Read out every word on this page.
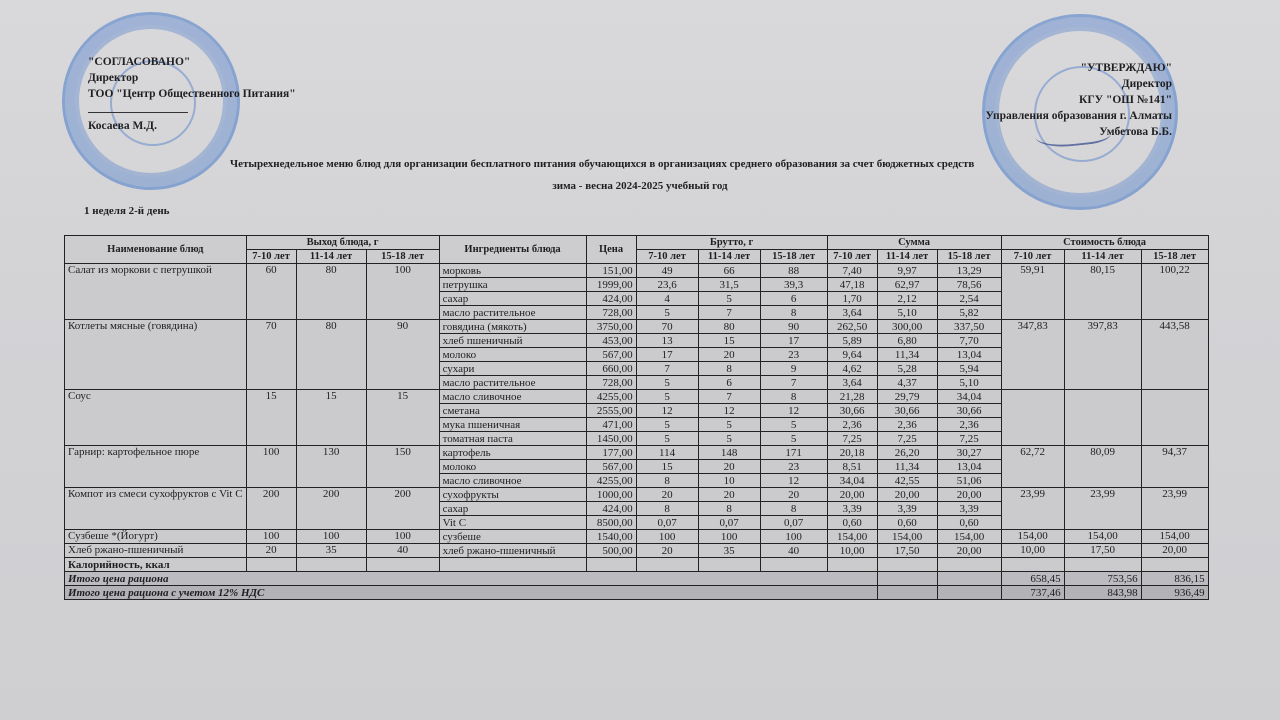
"СОГЛАСОВАНО"
Директор
ТОО "Центр Общественного Питания"
Косаева М.Д.
"УТВЕРЖДАЮ"
Директор
КГУ "ОШ №141"
Управления образования г. Алматы
Умбетова Б.Б.
Четырехнедельное меню блюд для организации бесплатного питания обучающихся в организациях среднего образования за счет бюджетных средств
зима - весна 2024-2025 учебный год
1 неделя 2-й день
Наименование блюд	Выход блюда, г			Ингредиенты блюда	Цена	Брутто, г			Сумма			Стоимость блюда		
	7-10 лет	11-14 лет	15-18 лет			7-10 лет	11-14 лет	15-18 лет	7-10 лет	11-14 лет	15-18 лет	7-10 лет	11-14 лет	15-18 лет
Салат из моркови с петрушкой	60	80	100	морковь	151,00	49	66	88	7,40	9,97	13,29	59,91	80,15	100,22
				петрушка	1999,00	23,6	31,5	39,3	47,18	62,97	78,56			
				сахар	424,00	4	5	6	1,70	2,12	2,54			
				масло растительное	728,00	5	7	8	3,64	5,10	5,82			
Котлеты мясные (говядина)	70	80	90	говядина (мякоть)	3750,00	70	80	90	262,50	300,00	337,50	347,83	397,83	443,58
				хлеб пшеничный	453,00	13	15	17	5,89	6,80	7,70			
				молоко	567,00	17	20	23	9,64	11,34	13,04			
				сухари	660,00	7	8	9	4,62	5,28	5,94			
				масло растительное	728,00	5	6	7	3,64	4,37	5,10			
Соус	15	15	15	масло сливочное	4255,00	5	7	8	21,28	29,79	34,04			
				сметана	2555,00	12	12	12	30,66	30,66	30,66			
				мука пшеничная	471,00	5	5	5	2,36	2,36	2,36			
				томатная паста	1450,00	5	5	5	7,25	7,25	7,25			
Гарнир: картофельное пюре	100	130	150	картофель	177,00	114	148	171	20,18	26,20	30,27	62,72	80,09	94,37
				молоко	567,00	15	20	23	8,51	11,34	13,04			
				масло сливочное	4255,00	8	10	12	34,04	42,55	51,06			
Компот из смеси сухофруктов с Vit C	200	200	200	сухофрукты	1000,00	20	20	20	20,00	20,00	20,00	23,99	23,99	23,99
				сахар	424,00	8	8	8	3,39	3,39	3,39			
				Vit C	8500,00	0,07	0,07	0,07	0,60	0,60	0,60			
Сузбеше *(Йогурт)	100	100	100	сузбеше	1540,00	100	100	100	154,00	154,00	154,00	154,00	154,00	154,00
Хлеб ржано-пшеничный	20	35	40	хлеб ржано-пшеничный	500,00	20	35	40	10,00	17,50	20,00	10,00	17,50	20,00
Калорийность, ккал														
Итого цена рациона												658,45	753,56	836,15
Итого цена рациона с учетом 12% НДС												737,46	843,98	936,49
